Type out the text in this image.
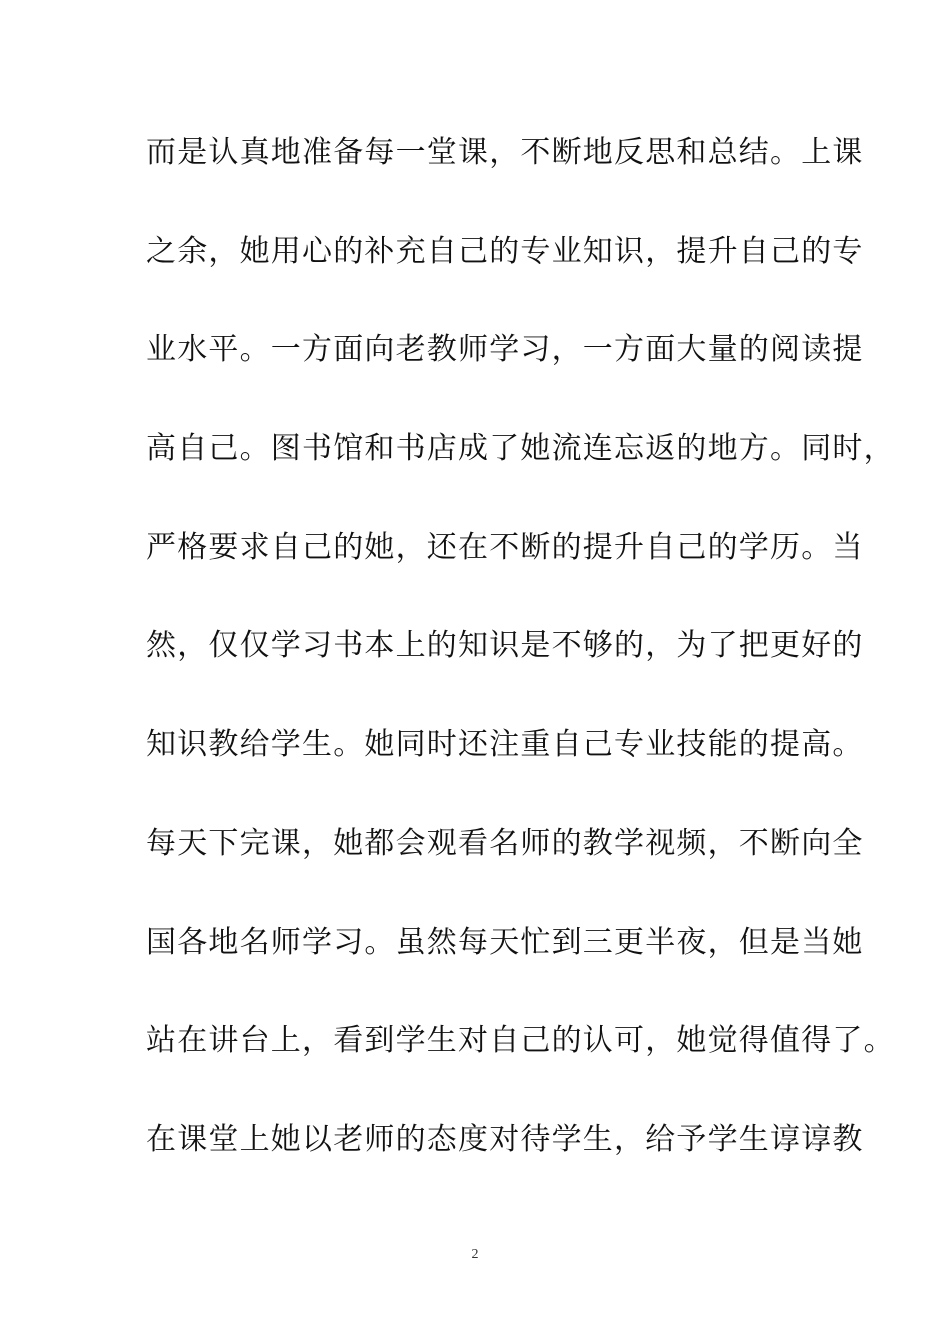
而是认真地准备每一堂课，不断地反思和总结。上课
之余，她用心的补充自己的专业知识，提升自己的专
业水平。一方面向老教师学习，一方面大量的阅读提
高自己。图书馆和书店成了她流连忘返的地方。同时，
严格要求自己的她，还在不断的提升自己的学历。当
然，仅仅学习书本上的知识是不够的，为了把更好的
知识教给学生。她同时还注重自己专业技能的提高。
每天下完课，她都会观看名师的教学视频，不断向全
国各地名师学习。虽然每天忙到三更半夜，但是当她
站在讲台上，看到学生对自己的认可，她觉得值得了。
在课堂上她以老师的态度对待学生，给予学生谆谆教
2
